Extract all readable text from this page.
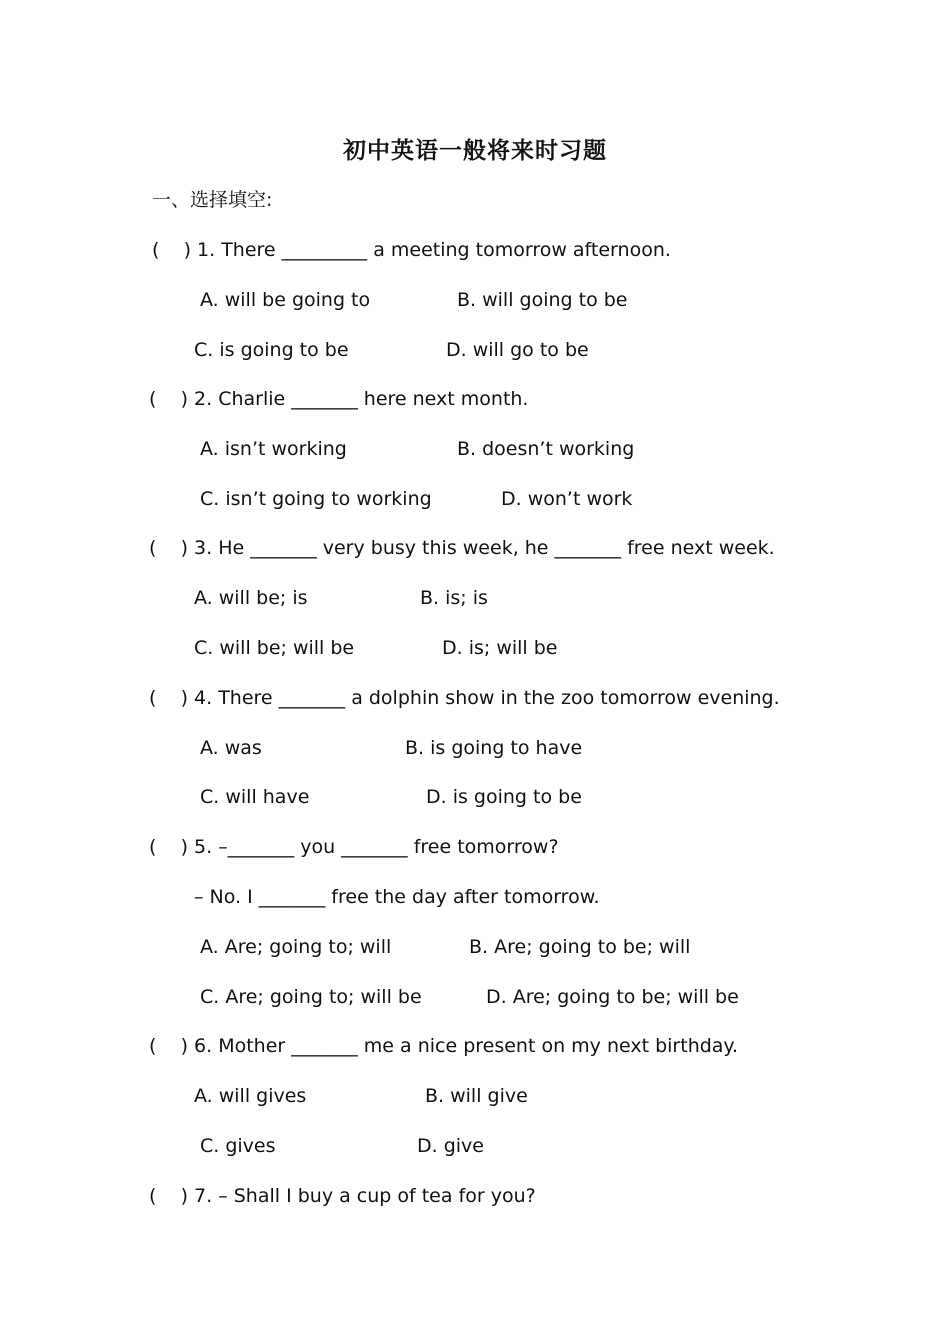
初中英语一般将来时习题
一、选择填空:
(    ) 1. There _________ a meeting tomorrow afternoon.
A. will be going to	B. will going to be
C. is going to be	D. will go to be
(    ) 2. Charlie _______ here next month.
A. isn’t working	B. doesn’t working
C. isn’t going to working	D. won’t work
(    ) 3. He _______ very busy this week, he _______ free next week.
A. will be; is	B. is; is
C. will be; will be	D. is; will be
(    ) 4. There _______ a dolphin show in the zoo tomorrow evening.
A. was	B. is going to have
C. will have	D. is going to be
(    ) 5. –_______ you _______ free tomorrow?
– No. I _______ free the day after tomorrow.
A. Are; going to; will	B. Are; going to be; will
C. Are; going to; will be	D. Are; going to be; will be
(    ) 6. Mother _______ me a nice present on my next birthday.
A. will gives	B. will give
C. gives	D. give
(    ) 7. – Shall I buy a cup of tea for you?
